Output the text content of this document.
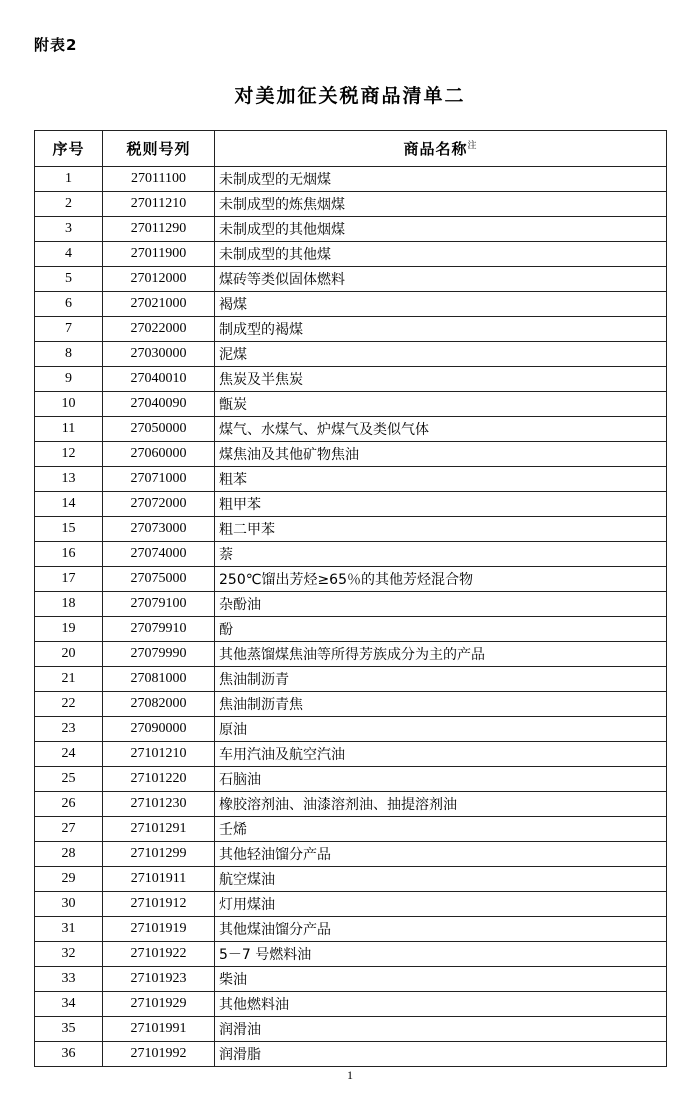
附表2
对美加征关税商品清单二
序号	税则号列	商品名称$^注$
1	27011100	未制成型的无烟煤
2	27011210	未制成型的炼焦烟煤
3	27011290	未制成型的其他烟煤
4	27011900	未制成型的其他煤
5	27012000	煤砖等类似固体燃料
6	27021000	褐煤
7	27022000	制成型的褐煤
8	27030000	泥煤
9	27040010	焦炭及半焦炭
10	27040090	甑炭
11	27050000	煤气、水煤气、炉煤气及类似气体
12	27060000	煤焦油及其他矿物焦油
13	27071000	粗苯
14	27072000	粗甲苯
15	27073000	粗二甲苯
16	27074000	萘
17	27075000	250℃馏出芳烃≥65％的其他芳烃混合物
18	27079100	杂酚油
19	27079910	酚
20	27079990	其他蒸馏煤焦油等所得芳族成分为主的产品
21	27081000	焦油制沥青
22	27082000	焦油制沥青焦
23	27090000	原油
24	27101210	车用汽油及航空汽油
25	27101220	石脑油
26	27101230	橡胶溶剂油、油漆溶剂油、抽提溶剂油
27	27101291	壬烯
28	27101299	其他轻油馏分产品
29	27101911	航空煤油
30	27101912	灯用煤油
31	27101919	其他煤油馏分产品
32	27101922	5－7 号燃料油
33	27101923	柴油
34	27101929	其他燃料油
35	27101991	润滑油
36	27101992	润滑脂
1
